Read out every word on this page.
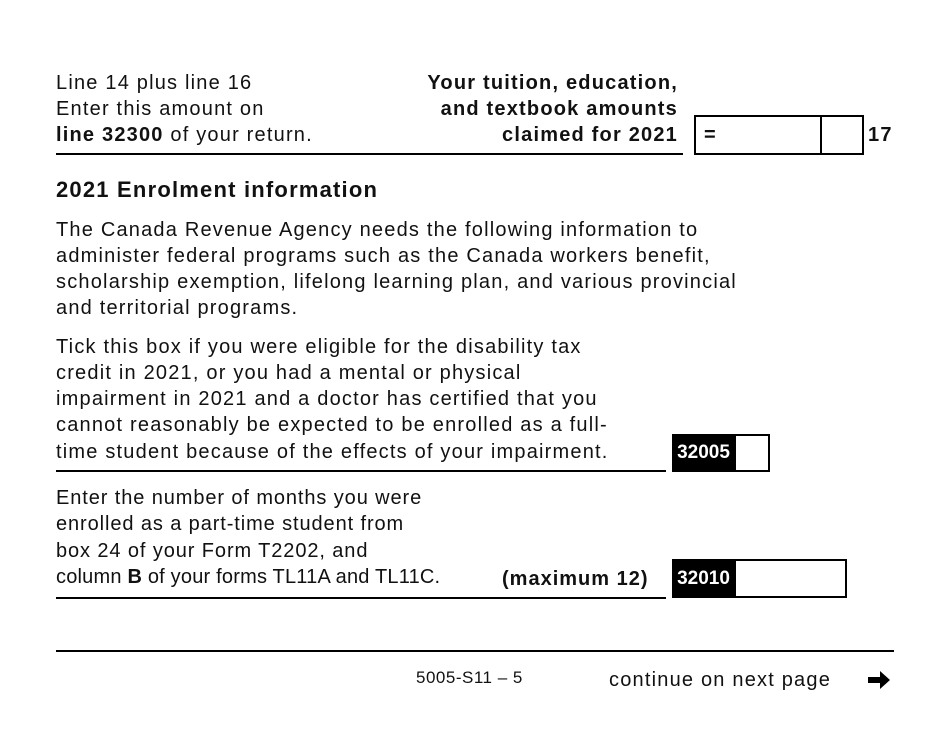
Line 14 plus line 16
Enter this amount on
line 32300 of your return.
Your tuition, education,
and textbook amounts
claimed for 2021 =	17
2021 Enrolment information
The Canada Revenue Agency needs the following information to
administer federal programs such as the Canada workers benefit,
scholarship exemption, lifelong learning plan, and various provincial
and territorial programs.
Tick this box if you were eligible for the disability tax
credit in 2021, or you had a mental or physical
impairment in 2021 and a doctor has certified that you
cannot reasonably be expected to be enrolled as a full-
time student because of the effects of your impairment.	32005
Enter the number of months you were
enrolled as a part-time student from
box 24 of your Form T2202, and
column B of your forms TL11A and TL11C.	(maximum 12) 32010
5005-S11 – 5	continue on next page
